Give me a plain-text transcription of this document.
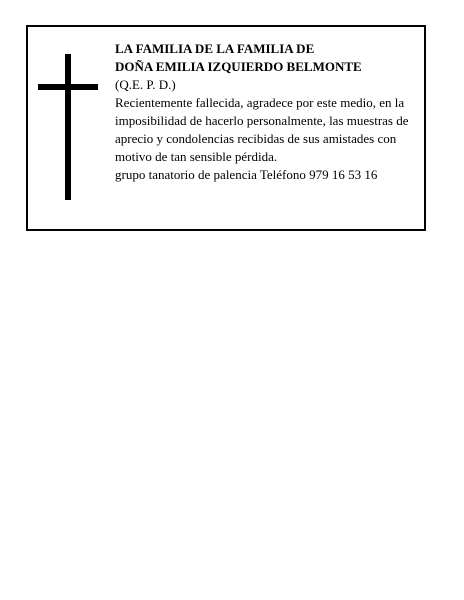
LA FAMILIA DE LA FAMILIA DE
DOÑA EMILIA IZQUIERDO BELMONTE
(Q.E. P. D.)
Recientemente fallecida, agradece por este medio, en la imposibilidad de hacerlo personalmente, las muestras de aprecio y condolencias recibidas de sus amistades con motivo de tan sensible pérdida.
grupo tanatorio de palencia Teléfono 979 16 53 16
